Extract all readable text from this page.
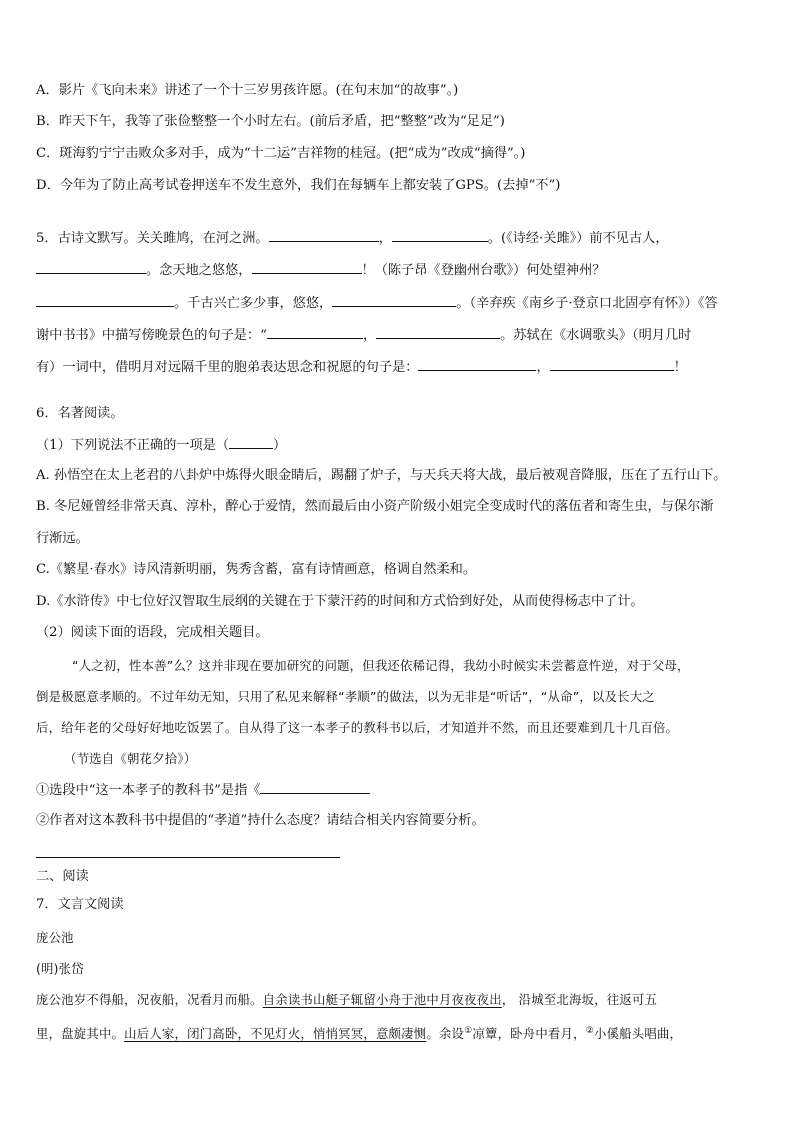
A．影片《飞向未来》讲述了一个十三岁男孩许愿。(在句末加“的故事”。)
B．昨天下午，我等了张俭整整一个小时左右。(前后矛盾，把“整整”改为“足足”)
C．斑海豹宁宁击败众多对手，成为“十二运”吉祥物的桂冠。(把“成为”改成“摘得”。)
D．今年为了防止高考试卷押送车不发生意外，我们在每辆车上都安装了GPS。(去掉“不”)
5．古诗文默写。关关雎鸠，在河之洲。	，	。(《诗经·关雎》）前不见古人，
。念天地之悠悠，	！（陈子昂《登幽州台歌》）何处望神州？
。千古兴亡多少事，悠悠，	。（辛弃疾《南乡子·登京口北固亭有怀》）《答
谢中书书》中描写傍晚景色的句子是：“	，	。苏轼在《水调歌头》（明月几时
有）一词中，借明月对远隔千里的胞弟表达思念和祝愿的句子是：	，	！
6．名著阅读。
（1）下列说法不正确的一项是（	）
A. 孙悟空在太上老君的八卦炉中炼得火眼金睛后，踢翻了炉子，与天兵天将大战，最后被观音降服，压在了五行山下。
B. 冬尼娅曾经非常天真、淳朴，醉心于爱情，然而最后由小资产阶级小姐完全变成时代的落伍者和寄生虫，与保尔渐
行渐远。
C.《繁星·春水》诗风清新明丽，隽秀含蓄，富有诗情画意，格调自然柔和。
D.《水浒传》中七位好汉智取生辰纲的关键在于下蒙汗药的时间和方式恰到好处，从而使得杨志中了计。
（2）阅读下面的语段，完成相关题目。
“人之初，性本善”么？这并非现在要加研究的问题，但我还依稀记得，我幼小时候实未尝蓄意忤逆，对于父母，
倒是极愿意孝顺的。不过年幼无知，只用了私见来解释“孝顺”的做法，以为无非是“听话”，“从命”，以及长大之
后，给年老的父母好好地吃饭罢了。自从得了这一本孝子的教科书以后，才知道并不然，而且还要难到几十几百倍。
（节选自《朝花夕拾》）
①选段中“这一本孝子的教科书”是指《
②作者对这本教科书中提倡的“孝道”持什么态度？请结合相关内容简要分析。
二、阅读
7．文言文阅读
庞公池
(明)张岱
庞公池岁不得船，况夜船，况看月而船。自余读书山艇子辄留小舟于池中月夜夜夜出， 沿城至北海坂，往返可五
里，盘旋其中。山后人家，闭门高卧，不见灯火，悄悄冥冥，意颇凄恻。余设①凉簟，卧舟中看月，②小傒船头唱曲，
